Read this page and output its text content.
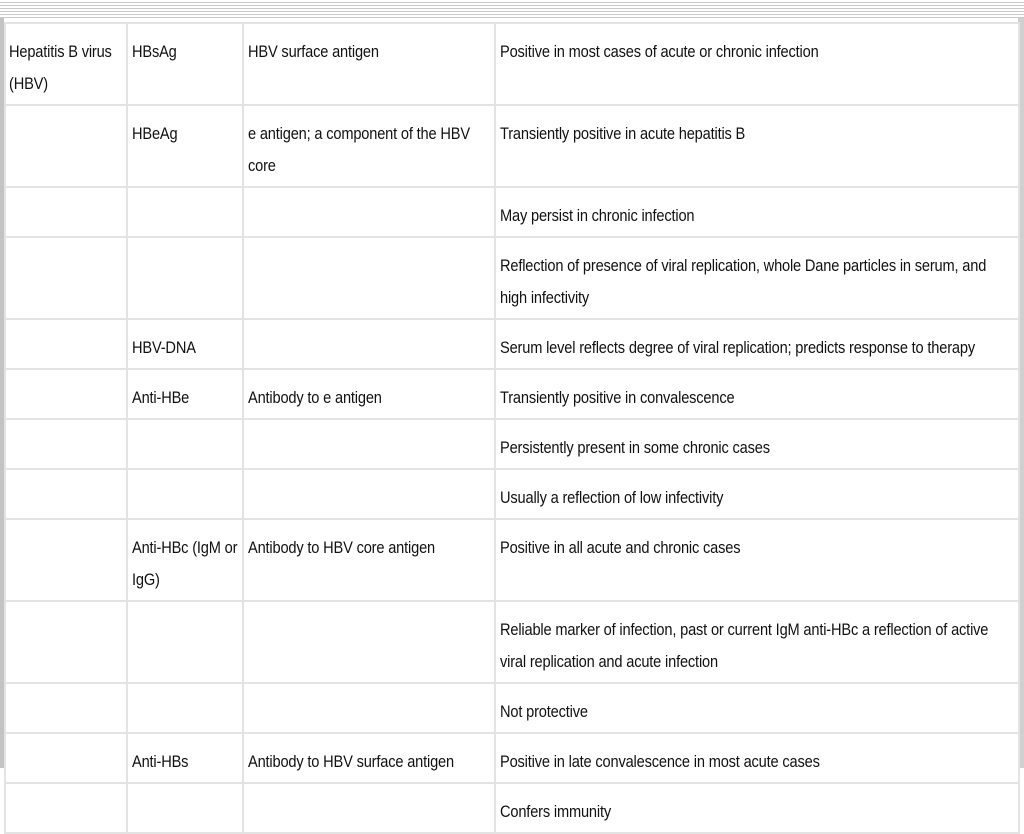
Hepatitis B virus (HBV)	HBsAg	HBV surface antigen	Positive in most cases of acute or chronic infection

	HBeAg	e antigen; a component of the HBV core	Transiently positive in acute hepatitis B

			May persist in chronic infection

			Reflection of presence of viral replication, whole Dane particles in serum, and high infectivity

	HBV-DNA		Serum level reflects degree of viral replication; predicts response to therapy

	Anti-HBe	Antibody to e antigen	Transiently positive in convalescence

			Persistently present in some chronic cases

			Usually a reflection of low infectivity

	Anti-HBc (IgM or IgG)	Antibody to HBV core antigen	Positive in all acute and chronic cases

			Reliable marker of infection, past or current IgM anti-HBc a reflection of active viral replication and acute infection

			Not protective

	Anti-HBs	Antibody to HBV surface antigen	Positive in late convalescence in most acute cases

			Confers immunity
